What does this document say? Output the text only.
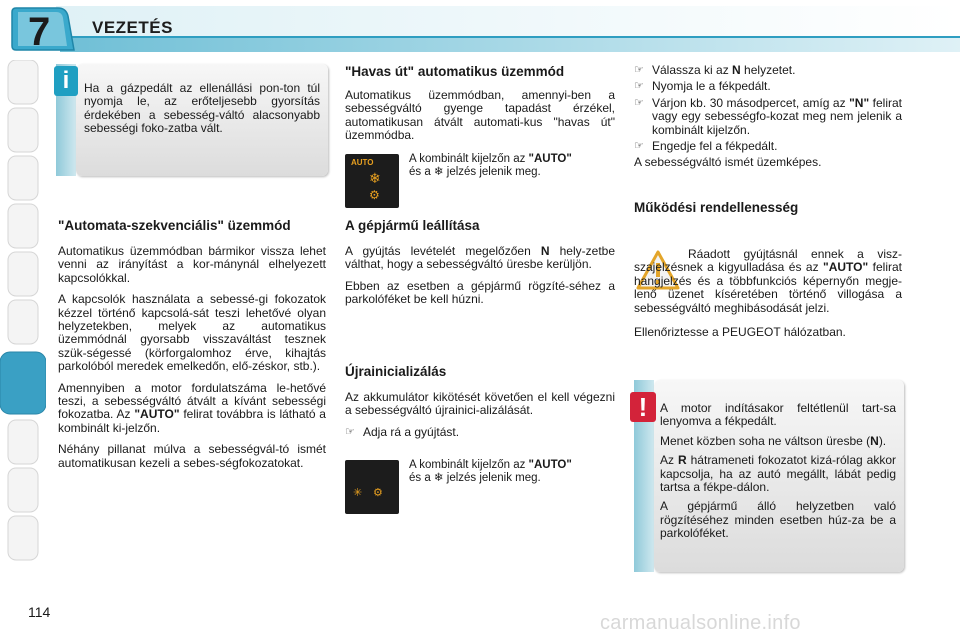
7 VEZETÉS

Ha a gázpedált az ellenállási pon-ton túl nyomja le, az erőteljesebb gyorsítás érdekében a sebesség-váltó alacsonyabb sebességi foko-zatba vált.

i

"Automata-szekvenciális" üzemmód

Automatikus üzemmódban bármikor vissza lehet venni az irányítást a kor-mánynál elhelyezett kapcsolókkal.

A kapcsolók használata a sebessé-gi fokozatok kézzel történő kapcsolá-sát teszi lehetővé olyan helyzetekben, melyek az automatikus üzemmódnál gyorsabb visszaváltást tesznek szük-ségessé (körforgalomhoz érve, kihajtás parkolóból meredek emelkedőn, elő-zéskor, stb.).

Amennyiben a motor fordulatszáma le-hetővé teszi, a sebességváltó átvált a kívánt sebességi fokozatba. Az "AUTO" felirat továbbra is látható a kombinált ki-jelzőn.

Néhány pillanat múlva a sebességvál-tó ismét automatikusan kezeli a sebes-ségfokozatokat.

"Havas út" automatikus üzemmód

Automatikus üzemmódban, amennyi-ben a sebességváltó gyenge tapadást érzékel, automatikusan átvált automati-kus "havas út" üzemmódba.

AUTO
❄
⚙
A kombinált kijelzőn az "AUTO"
és a ❄ jelzés jelenik meg.

A gépjármű leállítása

A gyújtás levételét megelőzően N hely-zetbe válthat, hogy a sebességváltó üresbe kerüljön.

Ebben az esetben a gépjármű rögzíté-séhez a parkolóféket be kell húzni.

Újrainicializálás

Az akkumulátor kikötését követően el kell végezni a sebességváltó újrainici-alizálását.

☞ Adja rá a gyújtást.
✳ ⚙
A kombinált kijelzőn az "AUTO"
és a ❄ jelzés jelenik meg.
☞ Válassza ki az N helyzetet.
☞ Nyomja le a fékpedált.
☞ Várjon kb. 30 másodpercet, amíg az "N" felirat vagy egy sebességfo-kozat meg nem jelenik a kombinált kijelzőn.
☞ Engedje fel a fékpedált.

A sebességváltó ismét üzemképes.

Működési rendellenesség

Ráadott gyújtásnál ennek a visz-szajelzésnek a kigyulladása és az "AUTO" felirat hangjelzés és a többfunkciós képernyőn megje-lenő üzenet kíséretében történő villogása a sebességváltó meghibásodását jelzi.

Ellenőriztesse a PEUGEOT hálózatban.

A motor indításakor feltétlenül tart-sa lenyomva a fékpedált.

Menet közben soha ne váltson üresbe (N).

Az R hátrameneti fokozatot kizá-rólag akkor kapcsolja, ha az autó megállt, lábát pedig tartsa a fékpe-dálon.

A gépjármű álló helyzetben való rögzítéséhez minden esetben húz-za be a parkolóféket.

!
114	carmanualsonline.info
